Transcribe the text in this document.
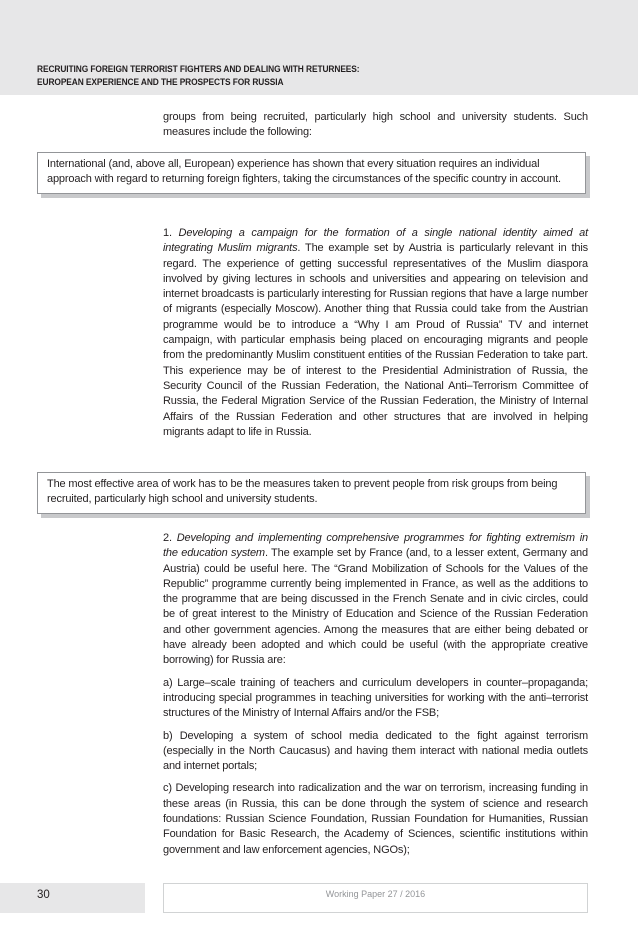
RECRUITING FOREIGN TERRORIST FIGHTERS AND DEALING WITH RETURNEES:
EUROPEAN EXPERIENCE AND THE PROSPECTS FOR RUSSIA

groups from being recruited, particularly high school and university students. Such measures include the following:

International (and, above all, European) experience has shown that every situation requires an individual approach with regard to returning foreign fighters, taking the circumstances of the specific country in account.

1. Developing a campaign for the formation of a single national identity aimed at integrating Muslim migrants. The example set by Austria is particularly relevant in this regard. The experience of getting successful representatives of the Muslim diaspora involved by giving lectures in schools and universities and appearing on television and internet broadcasts is particularly interesting for Russian regions that have a large number of migrants (especially Moscow). Another thing that Russia could take from the Austrian programme would be to introduce a “Why I am Proud of Russia” TV and internet campaign, with particular emphasis being placed on encouraging migrants and people from the predominantly Muslim constituent entities of the Russian Federation to take part. This experience may be of interest to the Presidential Administration of Russia, the Security Council of the Russian Federation, the National Anti–Terrorism Committee of Russia, the Federal Migration Service of the Russian Federation, the Ministry of Internal Affairs of the Russian Federation and other structures that are involved in helping migrants adapt to life in Russia.

The most effective area of work has to be the measures taken to prevent people from risk groups from being recruited, particularly high school and university students.

2. Developing and implementing comprehensive programmes for fighting extremism in the education system. The example set by France (and, to a lesser extent, Germany and Austria) could be useful here. The “Grand Mobilization of Schools for the Values of the Republic” programme currently being implemented in France, as well as the additions to the programme that are being discussed in the French Senate and in civic circles, could be of great interest to the Ministry of Education and Science of the Russian Federation and other government agencies. Among the measures that are either being debated or have already been adopted and which could be useful (with the appropriate creative borrowing) for Russia are:

a) Large–scale training of teachers and curriculum developers in counter–propaganda; introducing special programmes in teaching universities for working with the anti–terrorist structures of the Ministry of Internal Affairs and/or the FSB;

b) Developing a system of school media dedicated to the fight against terrorism (especially in the North Caucasus) and having them interact with national media outlets and internet portals;

c) Developing research into radicalization and the war on terrorism, increasing funding in these areas (in Russia, this can be done through the system of science and research foundations: Russian Science Foundation, Russian Foundation for Humanities, Russian Foundation for Basic Research, the Academy of Sciences, scientific institutions within government and law enforcement agencies, NGOs);

30	Working Paper 27 / 2016
